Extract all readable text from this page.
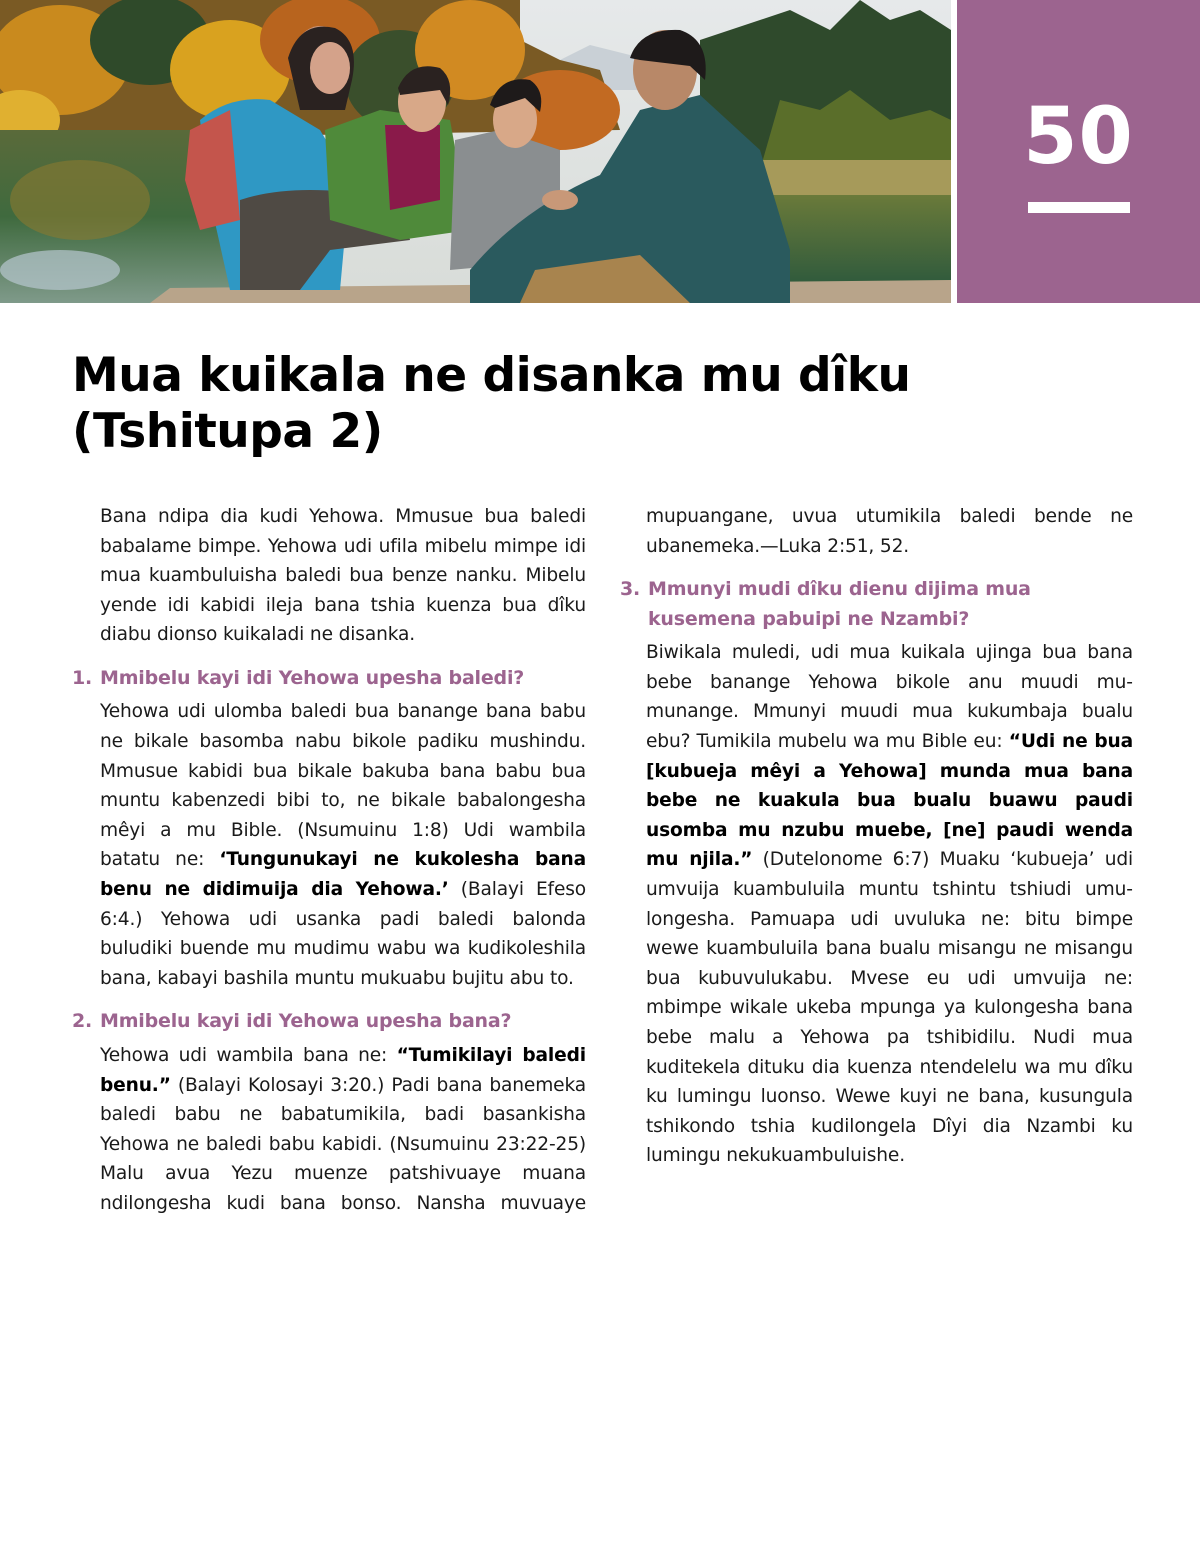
50
Mua kuikala ne disanka mu dîku
(Tshitupa 2)

Bana ndipa dia kudi Yehowa. Mmusue bua baledi babalame bimpe. Yehowa udi ufila mibelu mimpe idi mua kuambuluisha baledi bua benze nanku. Mibelu yende idi kabidi ileja bana tshia kuenza bua dîku diabu dionso kuikaladi ne disanka.

1. Mmibelu kayi idi Yehowa upesha baledi?

Yehowa udi ulomba baledi bua banange bana babu ne bikale basomba nabu bikole padiku mushindu. Mmusue kabidi bua bikale bakuba bana babu bua muntu kabenzedi bibi to, ne bikale babalongesha mêyi a mu Bible. (Nsumuinu 1:8) Udi wambila batatu ne: ‘Tungunukayi ne kukolesha bana benu ne didimuija dia Yehowa.’ (Balayi Efeso 6:4.) Yehowa udi usanka padi baledi balonda buludiki buende mu mudimu wabu wa kudikoleshila bana, kabayi bashila muntu mukuabu bujitu abu to.

2. Mmibelu kayi idi Yehowa upesha bana?

Yehowa udi wambila bana ne: “Tumikilayi baledi benu.” (Balayi Kolosayi 3:20.) Padi bana banemeka baledi babu ne babatumikila, badi basankisha Yehowa ne baledi babu kabidi. (Nsumuinu 23:22-25) Malu avua Yezu muenze patshivuaye muana ndilongesha kudi bana bonso. Nansha muvuaye

mupuangane, uvua utumikila baledi bende ne ubanemeka.—Luka 2:51, 52.
3. Mmunyi mudi dîku dienu dijima mua kusemena pabuipi ne Nzambi?

Biwikala muledi, udi mua kuikala ujinga bua bana bebe banange Yehowa bikole anu muudi mumunange. Mmunyi muudi mua kukumbaja bualu ebu? Tumikila mubelu wa mu Bible eu: “Udi ne bua [kubueja mêyi a Yehowa] munda mua bana bebe ne kuakula bua bualu buawu paudi usomba mu nzubu muebe, [ne] paudi wenda mu njila.” (Dutelonome 6:7) Muaku ‘kubueja’ udi umvuija kuambuluila muntu tshintu tshiudi umulongesha. Pamuapa udi uvuluka ne: bitu bimpe wewe kuambuluila bana bualu misangu ne misangu bua kubuvulukabu. Mvese eu udi umvuija ne: mbimpe wikale ukeba mpunga ya kulongesha bana bebe malu a Yehowa pa tshibidilu. Nudi mua kuditekela dituku dia kuenza ntendelelu wa mu dîku ku lumingu luonso. Wewe kuyi ne bana, kusungula tshikondo tshia kudilongela Dîyi dia Nzambi ku lumingu nekukuambuluishe.
